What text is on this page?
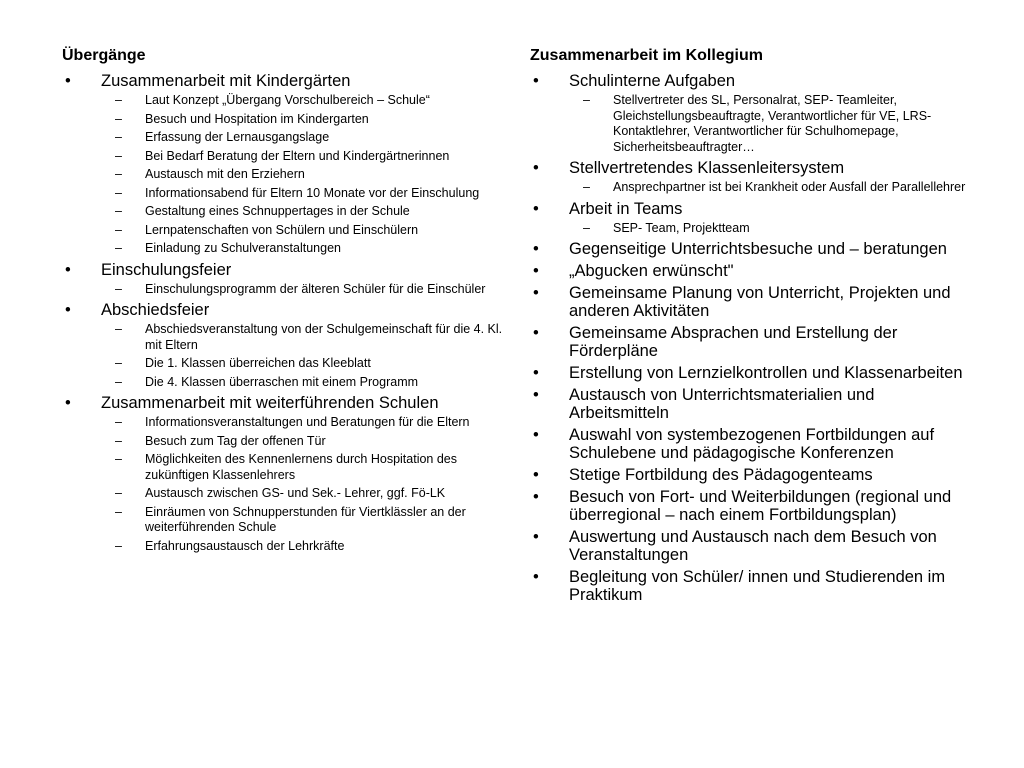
Übergänge
•	Zusammenarbeit mit Kindergärten
–	Laut Konzept „Übergang Vorschulbereich – Schule“
–	Besuch und Hospitation im Kindergarten
–	Erfassung der Lernausgangslage
–	Bei Bedarf Beratung der Eltern und Kindergärtnerinnen
–	Austausch mit den Erziehern
–	Informationsabend für Eltern 10 Monate vor der Einschulung
–	Gestaltung eines Schnuppertages in der Schule
–	Lernpatenschaften von Schülern und Einschülern
–	Einladung zu Schulveranstaltungen
•	Einschulungsfeier
–	Einschulungsprogramm der älteren Schüler für die Einschüler
•	Abschiedsfeier
–	Abschiedsveranstaltung von der Schulgemeinschaft für die 4. Kl. mit Eltern
–	Die 1. Klassen überreichen das Kleeblatt
–	Die 4. Klassen überraschen mit einem Programm
•	Zusammenarbeit mit weiterführenden Schulen
–	Informationsveranstaltungen und Beratungen für die Eltern
–	Besuch zum Tag der offenen Tür
–	Möglichkeiten des Kennenlernens durch Hospitation des zukünftigen Klassenlehrers
–	Austausch zwischen GS- und Sek.- Lehrer, ggf. Fö-LK
–	Einräumen von Schnupperstunden für Viertklässler an der weiterführenden Schule
–	Erfahrungsaustausch der Lehrkräfte
Zusammenarbeit im Kollegium
•	Schulinterne Aufgaben
–	Stellvertreter des SL, Personalrat, SEP- Teamleiter, Gleichstellungsbeauftragte, Verantwortlicher für VE, LRS- Kontaktlehrer, Verantwortlicher für Schulhomepage, Sicherheitsbeauftragter…
•	Stellvertretendes Klassenleitersystem
–	Ansprechpartner ist bei Krankheit oder Ausfall der Parallellehrer
•	Arbeit in Teams
–	SEP- Team, Projektteam
•	Gegenseitige Unterrichtsbesuche und – beratungen
•	„Abgucken erwünscht"
•	Gemeinsame Planung von Unterricht, Projekten und anderen Aktivitäten
•	Gemeinsame Absprachen und Erstellung der Förderpläne
•	Erstellung von Lernzielkontrollen und Klassenarbeiten
•	Austausch von Unterrichtsmaterialien und Arbeitsmitteln
•	Auswahl von systembezogenen Fortbildungen auf Schulebene und pädagogische Konferenzen
•	Stetige Fortbildung des Pädagogenteams
•	Besuch von Fort- und Weiterbildungen (regional und überregional – nach einem Fortbildungsplan)
•	Auswertung und Austausch nach dem Besuch von Veranstaltungen
•	Begleitung von Schüler/ innen und Studierenden im Praktikum
